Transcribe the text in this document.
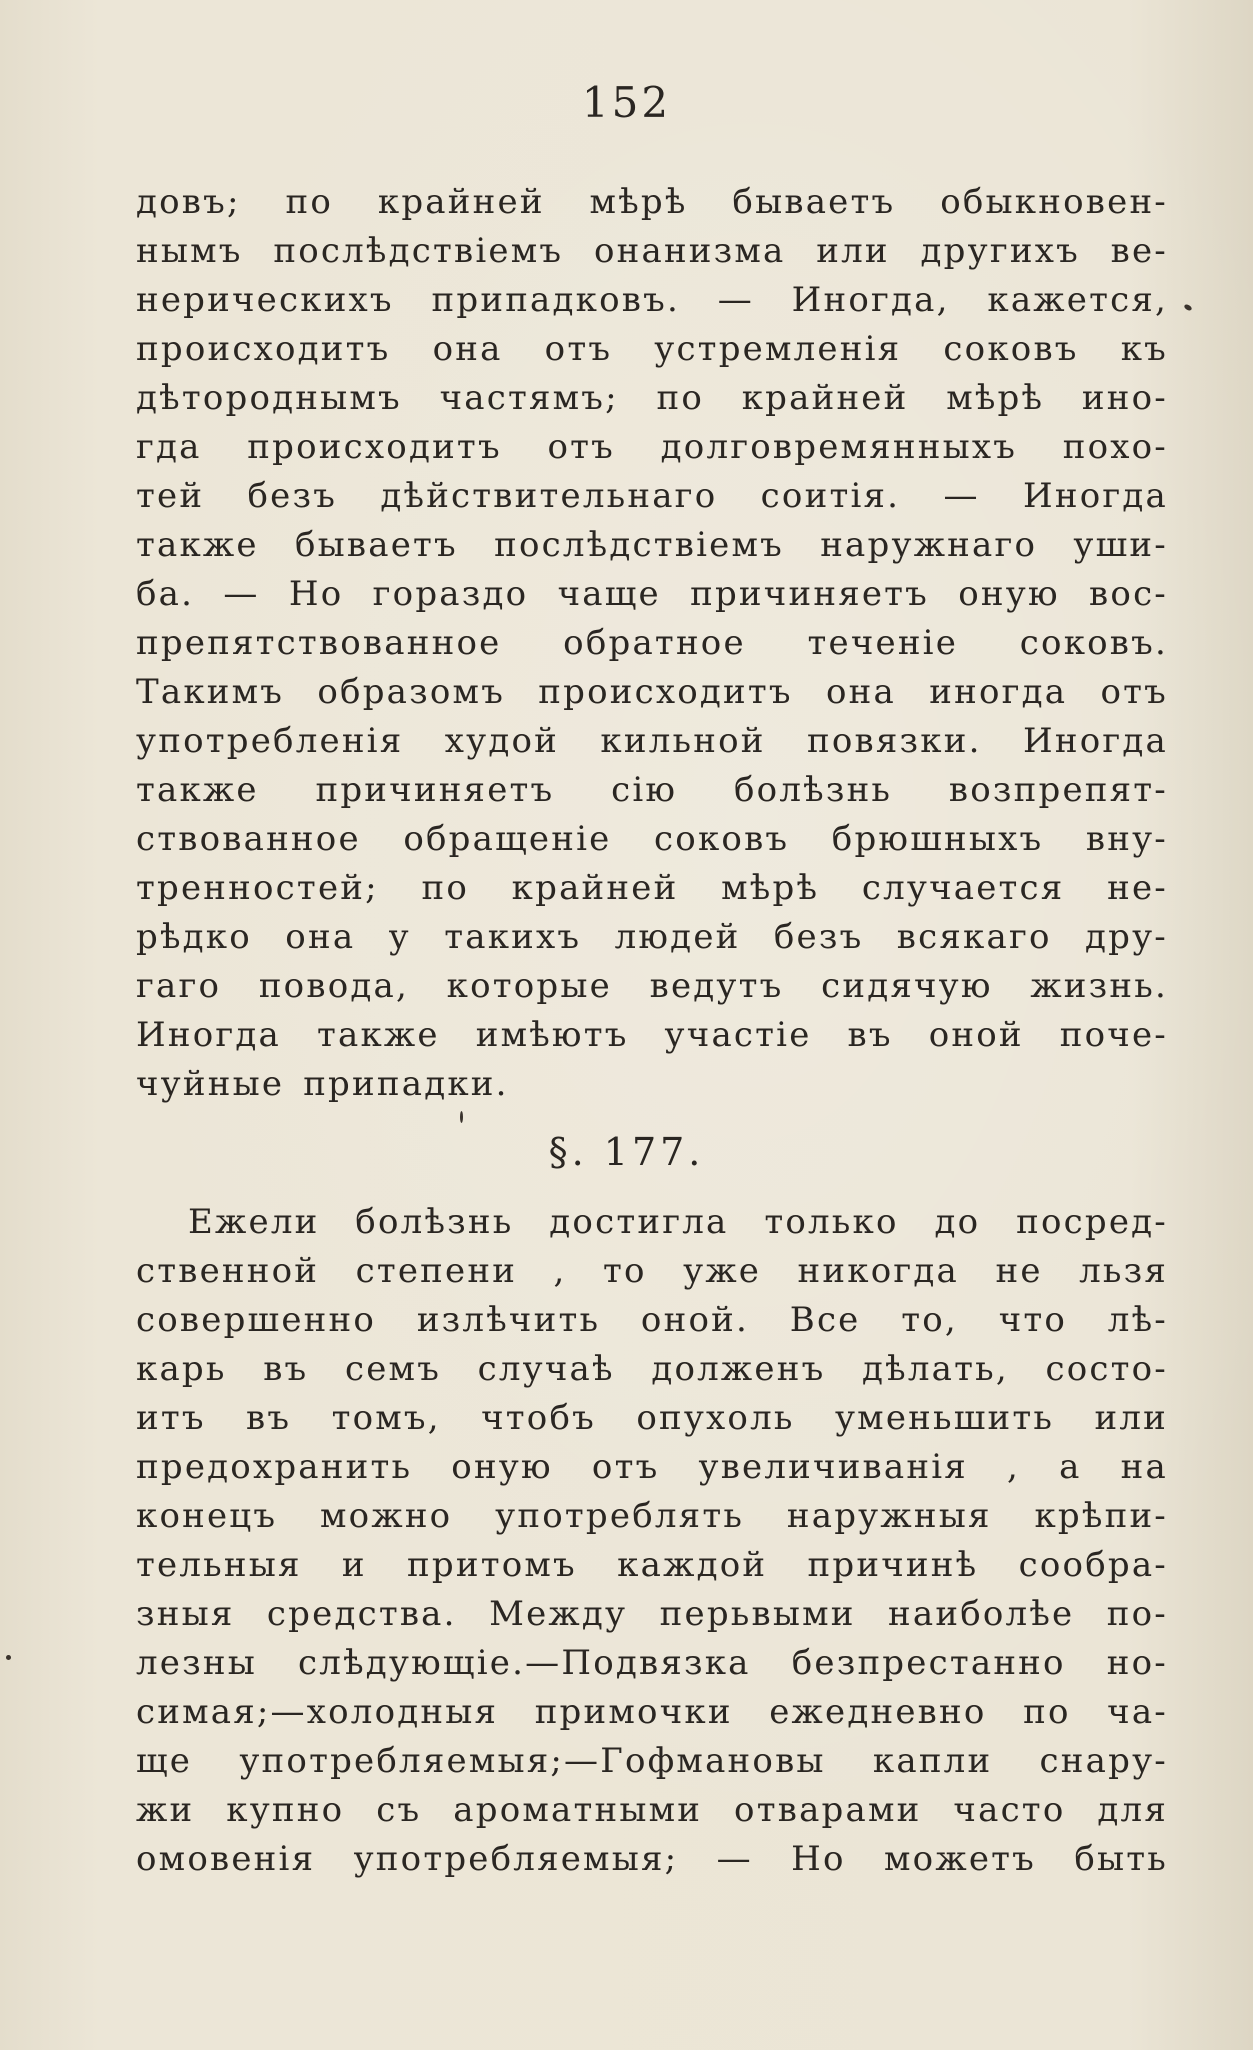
152
довъ; по крайней мѣрѣ бываетъ обыкновен-
нымъ послѣдствіемъ онанизма или другихъ ве-
нерическихъ припадковъ. — Иногда, кажется,
происходитъ она отъ устремленія соковъ къ
дѣторoднымъ частямъ; по крайней мѣрѣ ино-
гда происходитъ отъ долговремянныхъ похо-
тей безъ дѣйствительнаго соитія. — Иногда
также бываетъ послѣдствіемъ наружнаго уши-
ба. — Но гораздо чаще причиняетъ оную вос-
препятствованное обратное теченіе соковъ.
Такимъ образомъ происходитъ она иногда отъ
употребленія худой кильной повязки. Иногда
также причиняетъ сію болѣзнь возпрепят-
ствованное обращеніе соковъ брюшныхъ вну-
тренностей; по крайней мѣрѣ случается не-
рѣдко она у такихъ людей безъ всякаго дру-
гаго повода, которые ведутъ сидячую жизнь.
Иногда также имѣютъ участіе въ оной поче-
чуйные припадки.
§. 177.
Ежели болѣзнь достигла только до посред-
ственной степени , то уже никогда не льзя
совершенно излѣчить оной. Все то, что лѣ-
карь въ семъ случаѣ долженъ дѣлать, состо-
итъ въ томъ, чтобъ опухоль уменьшить или
предохранить оную отъ увеличиванія , а на
конецъ можно употреблять наружныя крѣпи-
тельныя и притомъ каждой причинѣ сообра-
зныя средства. Между перьвыми наиболѣе по-
лезны слѣдующіе.—Подвязка безпрестанно но-
симая;—холодныя примочки ежедневно по ча-
ще употребляемыя;—Гофмановы капли снару-
жи купно съ ароматными отварами часто для
омовенія употребляемыя; — Но можетъ быть
